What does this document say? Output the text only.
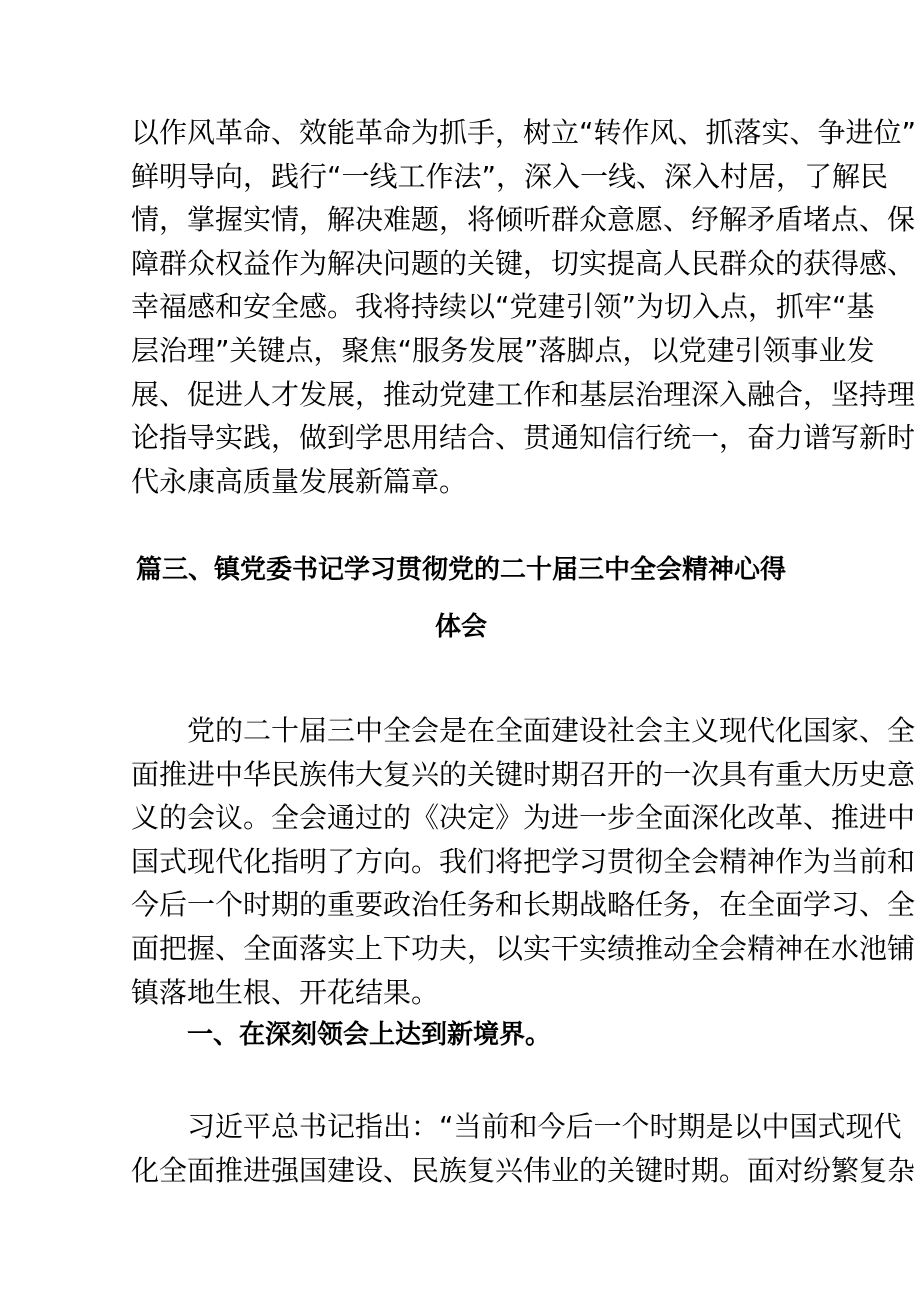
以作风革命、效能革命为抓手，树立“转作风、抓落实、争进位”
鲜明导向，践行“一线工作法”，深入一线、深入村居，了解民
情，掌握实情，解决难题，将倾听群众意愿、纾解矛盾堵点、保
障群众权益作为解决问题的关键，切实提高人民群众的获得感、
幸福感和安全感。我将持续以“党建引领”为切入点，抓牢“基
层治理”关键点，聚焦“服务发展”落脚点，以党建引领事业发
展、促进人才发展，推动党建工作和基层治理深入融合，坚持理
论指导实践，做到学思用结合、贯通知信行统一，奋力谱写新时
代永康高质量发展新篇章。
篇三、镇党委书记学习贯彻党的二十届三中全会精神心得
体会
党的二十届三中全会是在全面建设社会主义现代化国家、全
面推进中华民族伟大复兴的关键时期召开的一次具有重大历史意
义的会议。全会通过的《决定》为进一步全面深化改革、推进中
国式现代化指明了方向。我们将把学习贯彻全会精神作为当前和
今后一个时期的重要政治任务和长期战略任务，在全面学习、全
面把握、全面落实上下功夫，以实干实绩推动全会精神在水池铺
镇落地生根、开花结果。
一、在深刻领会上达到新境界。
习近平总书记指出：“当前和今后一个时期是以中国式现代
化全面推进强国建设、民族复兴伟业的关键时期。面对纷繁复杂
